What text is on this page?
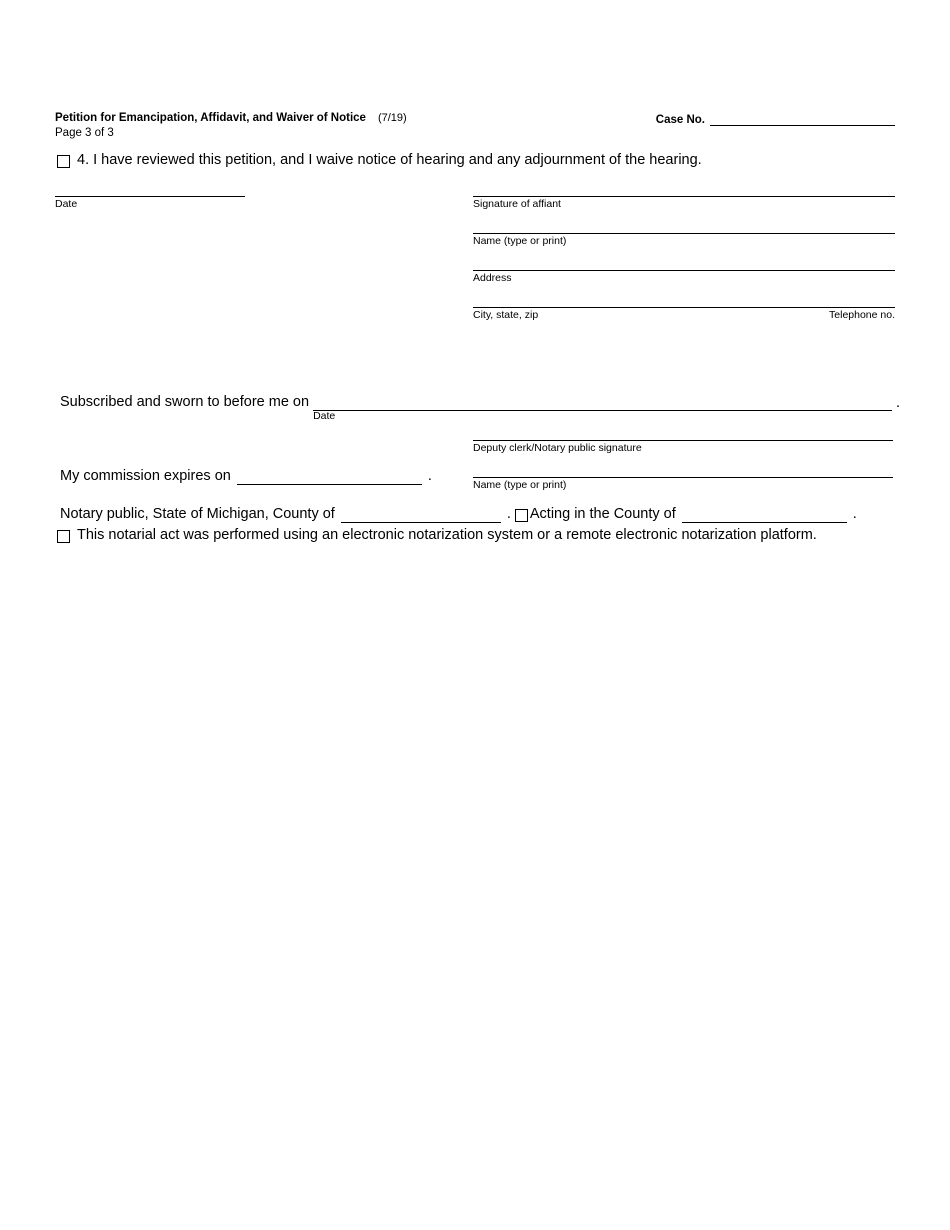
Petition for Emancipation, Affidavit, and Waiver of Notice (7/19)	Case No.
Page 3 of 3
4. I have reviewed this petition, and I waive notice of hearing and any adjournment of the hearing.
Date	Signature of affiant
Name (type or print)
Address
City, state, zip	Telephone no.
Subscribed and sworn to before me on
Date
.
Deputy clerk/Notary public signature
Name (type or print)
My commission expires on	.
Notary public, State of Michigan, County of	. Acting in the County of	.
This notarial act was performed using an electronic notarization system or a remote electronic notarization platform.
